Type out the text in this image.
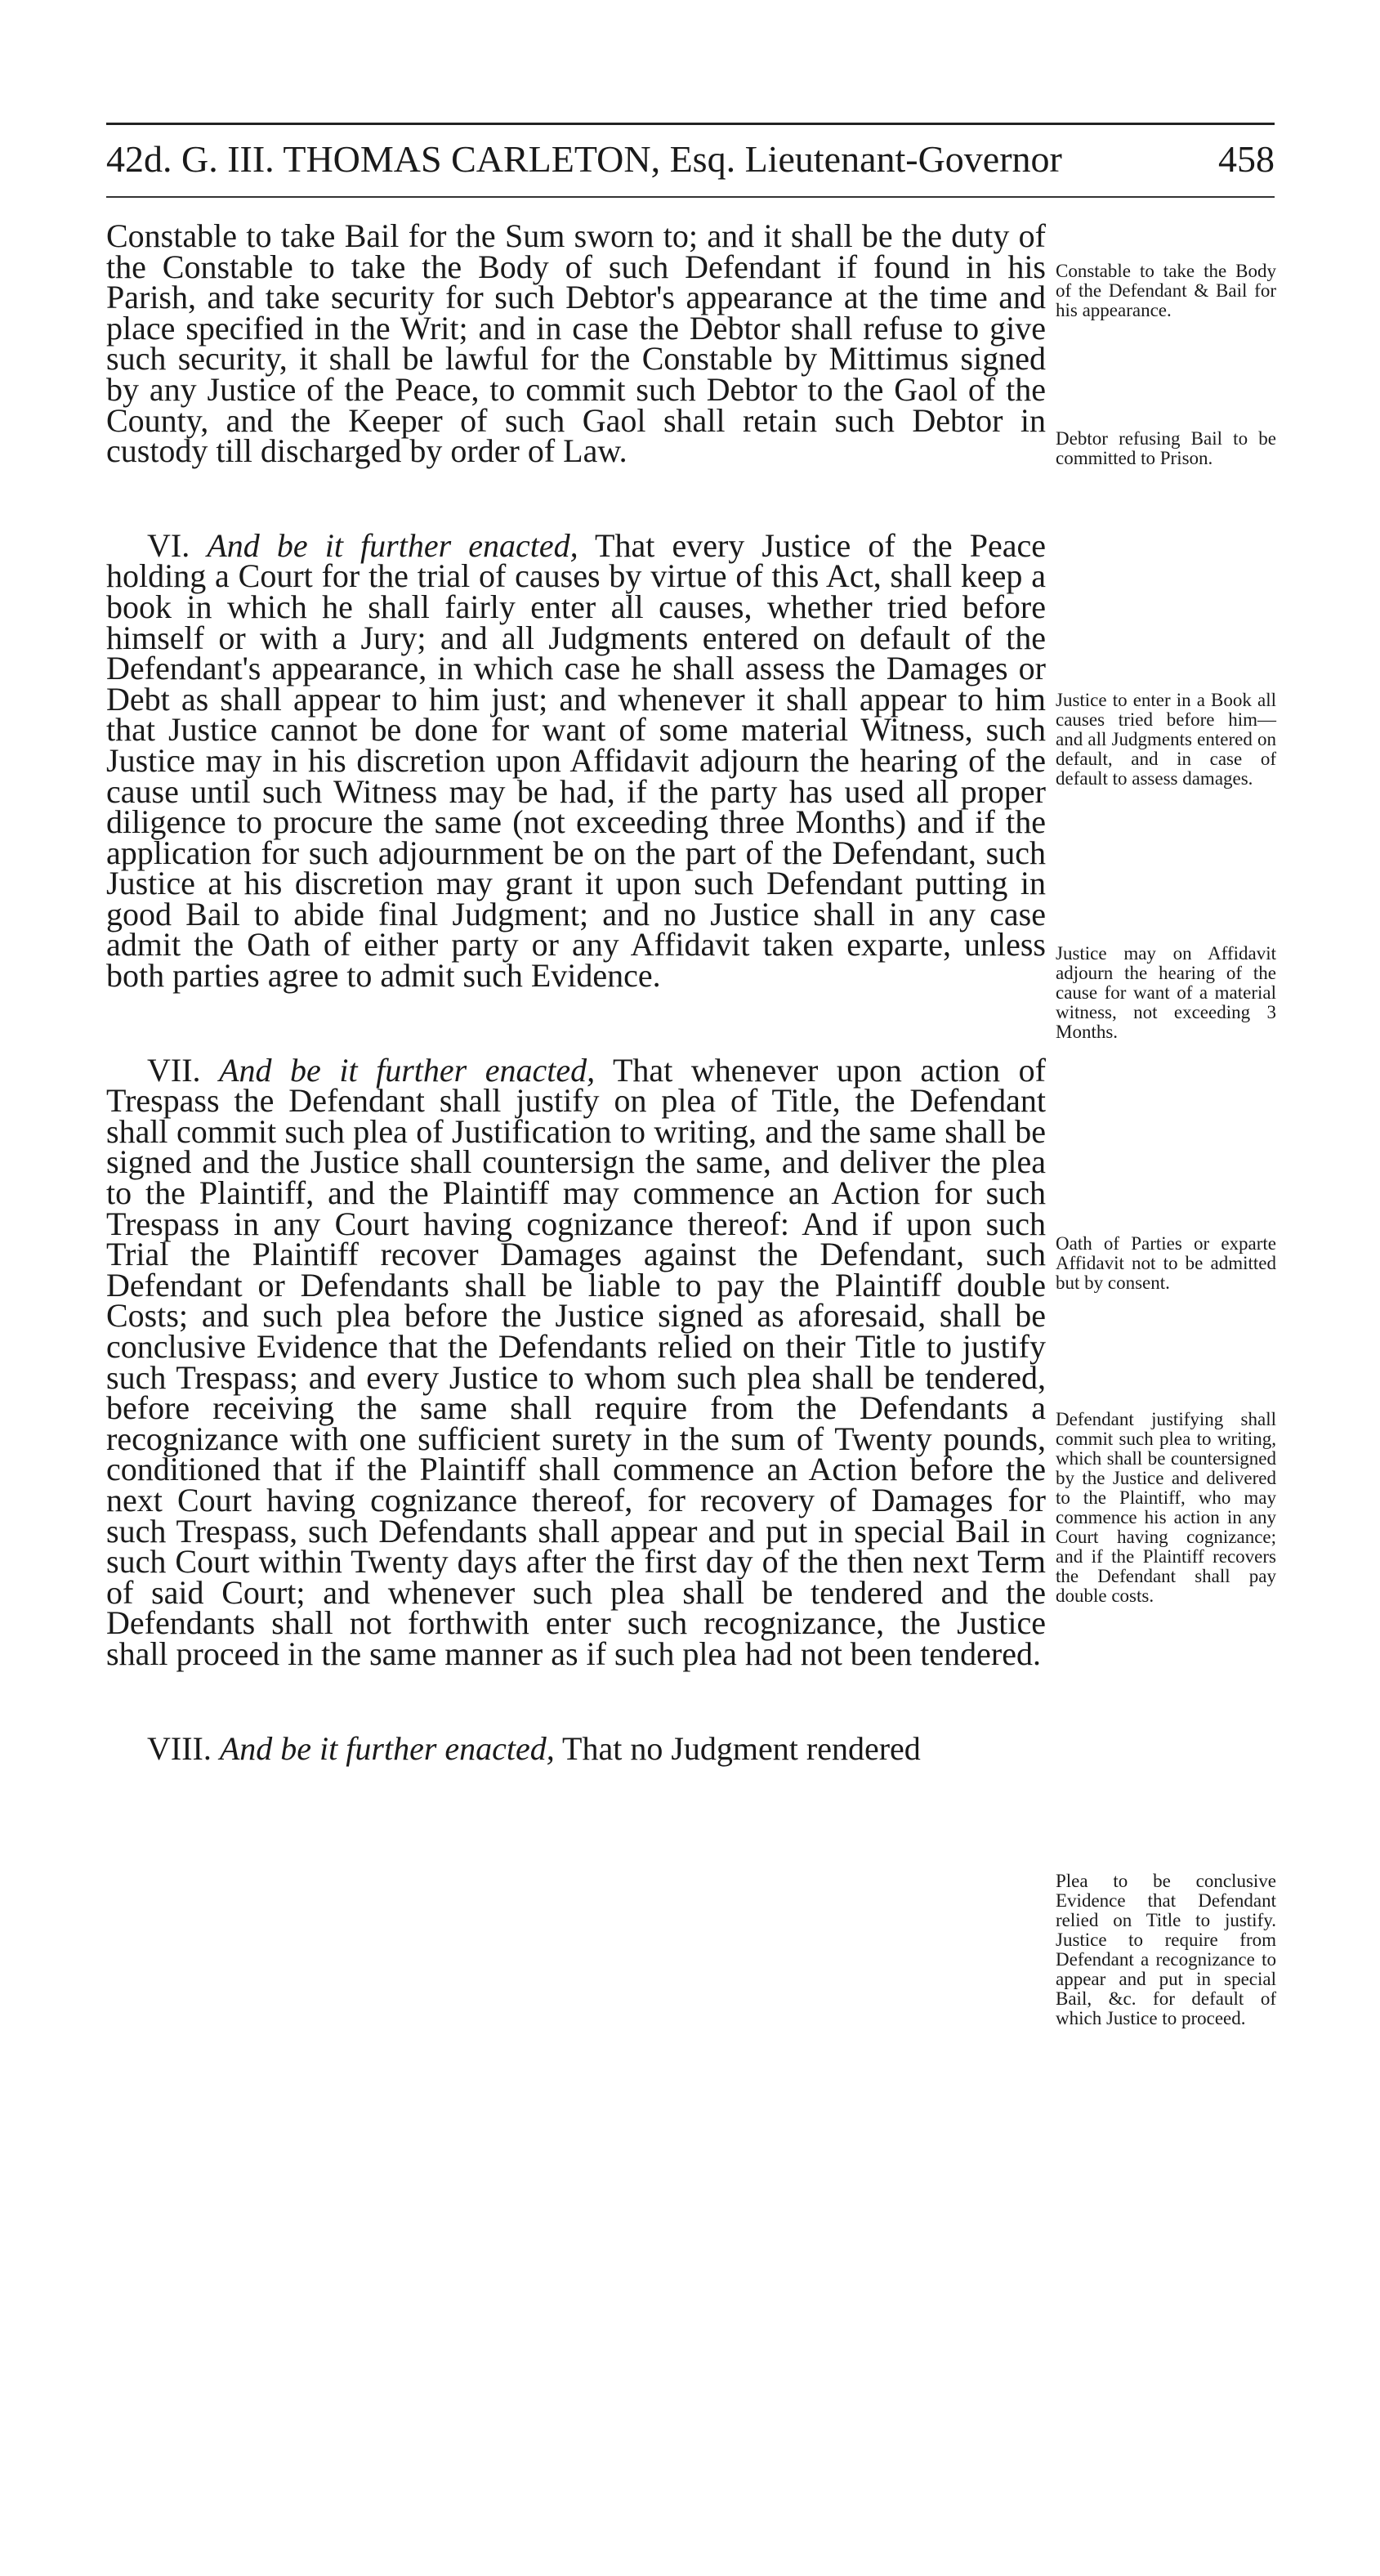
42d. G. III. THOMAS CARLETON, Esq. Lieutenant-Governor	458

Constable to take Bail for the Sum sworn to; and it shall be the duty of the Constable to take the Body of such Defendant if found in his Parish, and take security for such Debtor's appearance at the time and place specified in the Writ; and in case the Debtor shall refuse to give such security, it shall be lawful for the Constable by Mittimus signed by any Justice of the Peace, to commit such Debtor to the Gaol of the County, and the Keeper of such Gaol shall retain such Debtor in custody till discharged by order of Law.

VI. And be it further enacted, That every Justice of the Peace holding a Court for the trial of causes by virtue of this Act, shall keep a book in which he shall fairly enter all causes, whether tried before himself or with a Jury; and all Judgments entered on default of the Defendant's appearance, in which case he shall assess the Damages or Debt as shall appear to him just; and whenever it shall appear to him that Justice cannot be done for want of some material Witness, such Justice may in his discretion upon Affidavit adjourn the hearing of the cause until such Witness may be had, if the party has used all proper diligence to procure the same (not exceeding three Months) and if the application for such adjournment be on the part of the Defendant, such Justice at his discretion may grant it upon such Defendant putting in good Bail to abide final Judgment; and no Justice shall in any case admit the Oath of either party or any Affidavit taken exparte, unless both parties agree to admit such Evidence.

VII. And be it further enacted, That whenever upon action of Trespass the Defendant shall justify on plea of Title, the Defendant shall commit such plea of Justification to writing, and the same shall be signed and the Justice shall countersign the same, and deliver the plea to the Plaintiff, and the Plaintiff may commence an Action for such Trespass in any Court having cognizance thereof: And if upon such Trial the Plaintiff recover Damages against the Defendant, such Defendant or Defendants shall be liable to pay the Plaintiff double Costs; and such plea before the Justice signed as aforesaid, shall be conclusive Evidence that the Defendants relied on their Title to justify such Trespass; and every Justice to whom such plea shall be tendered, before receiving the same shall require from the Defendants a recognizance with one sufficient surety in the sum of Twenty pounds, conditioned that if the Plaintiff shall commence an Action before the next Court having cognizance thereof, for recovery of Damages for such Trespass, such Defendants shall appear and put in special Bail in such Court within Twenty days after the first day of the then next Term of said Court; and whenever such plea shall be tendered and the Defendants shall not forthwith enter such recognizance, the Justice shall proceed in the same manner as if such plea had not been tendered.

VIII. And be it further enacted, That no Judgment rendered

Constable to take the Body of the Defendant & Bail for his appearance.
Debtor refusing Bail to be committed to Prison.
Justice to enter in a Book all causes tried before him—and all Judgments entered on default, and in case of default to assess damages.
Justice may on Affidavit adjourn the hearing of the cause for want of a material witness, not exceeding 3 Months.
Oath of Parties or exparte Affidavit not to be admitted but by consent.
Defendant justifying shall commit such plea to writing, which shall be countersigned by the Justice and delivered to the Plaintiff, who may commence his action in any Court having cognizance; and if the Plaintiff recovers the Defendant shall pay double costs.
Plea to be conclusive Evidence that Defendant relied on Title to justify. Justice to require from Defendant a recognizance to appear and put in special Bail, &c. for default of which Justice to proceed.
